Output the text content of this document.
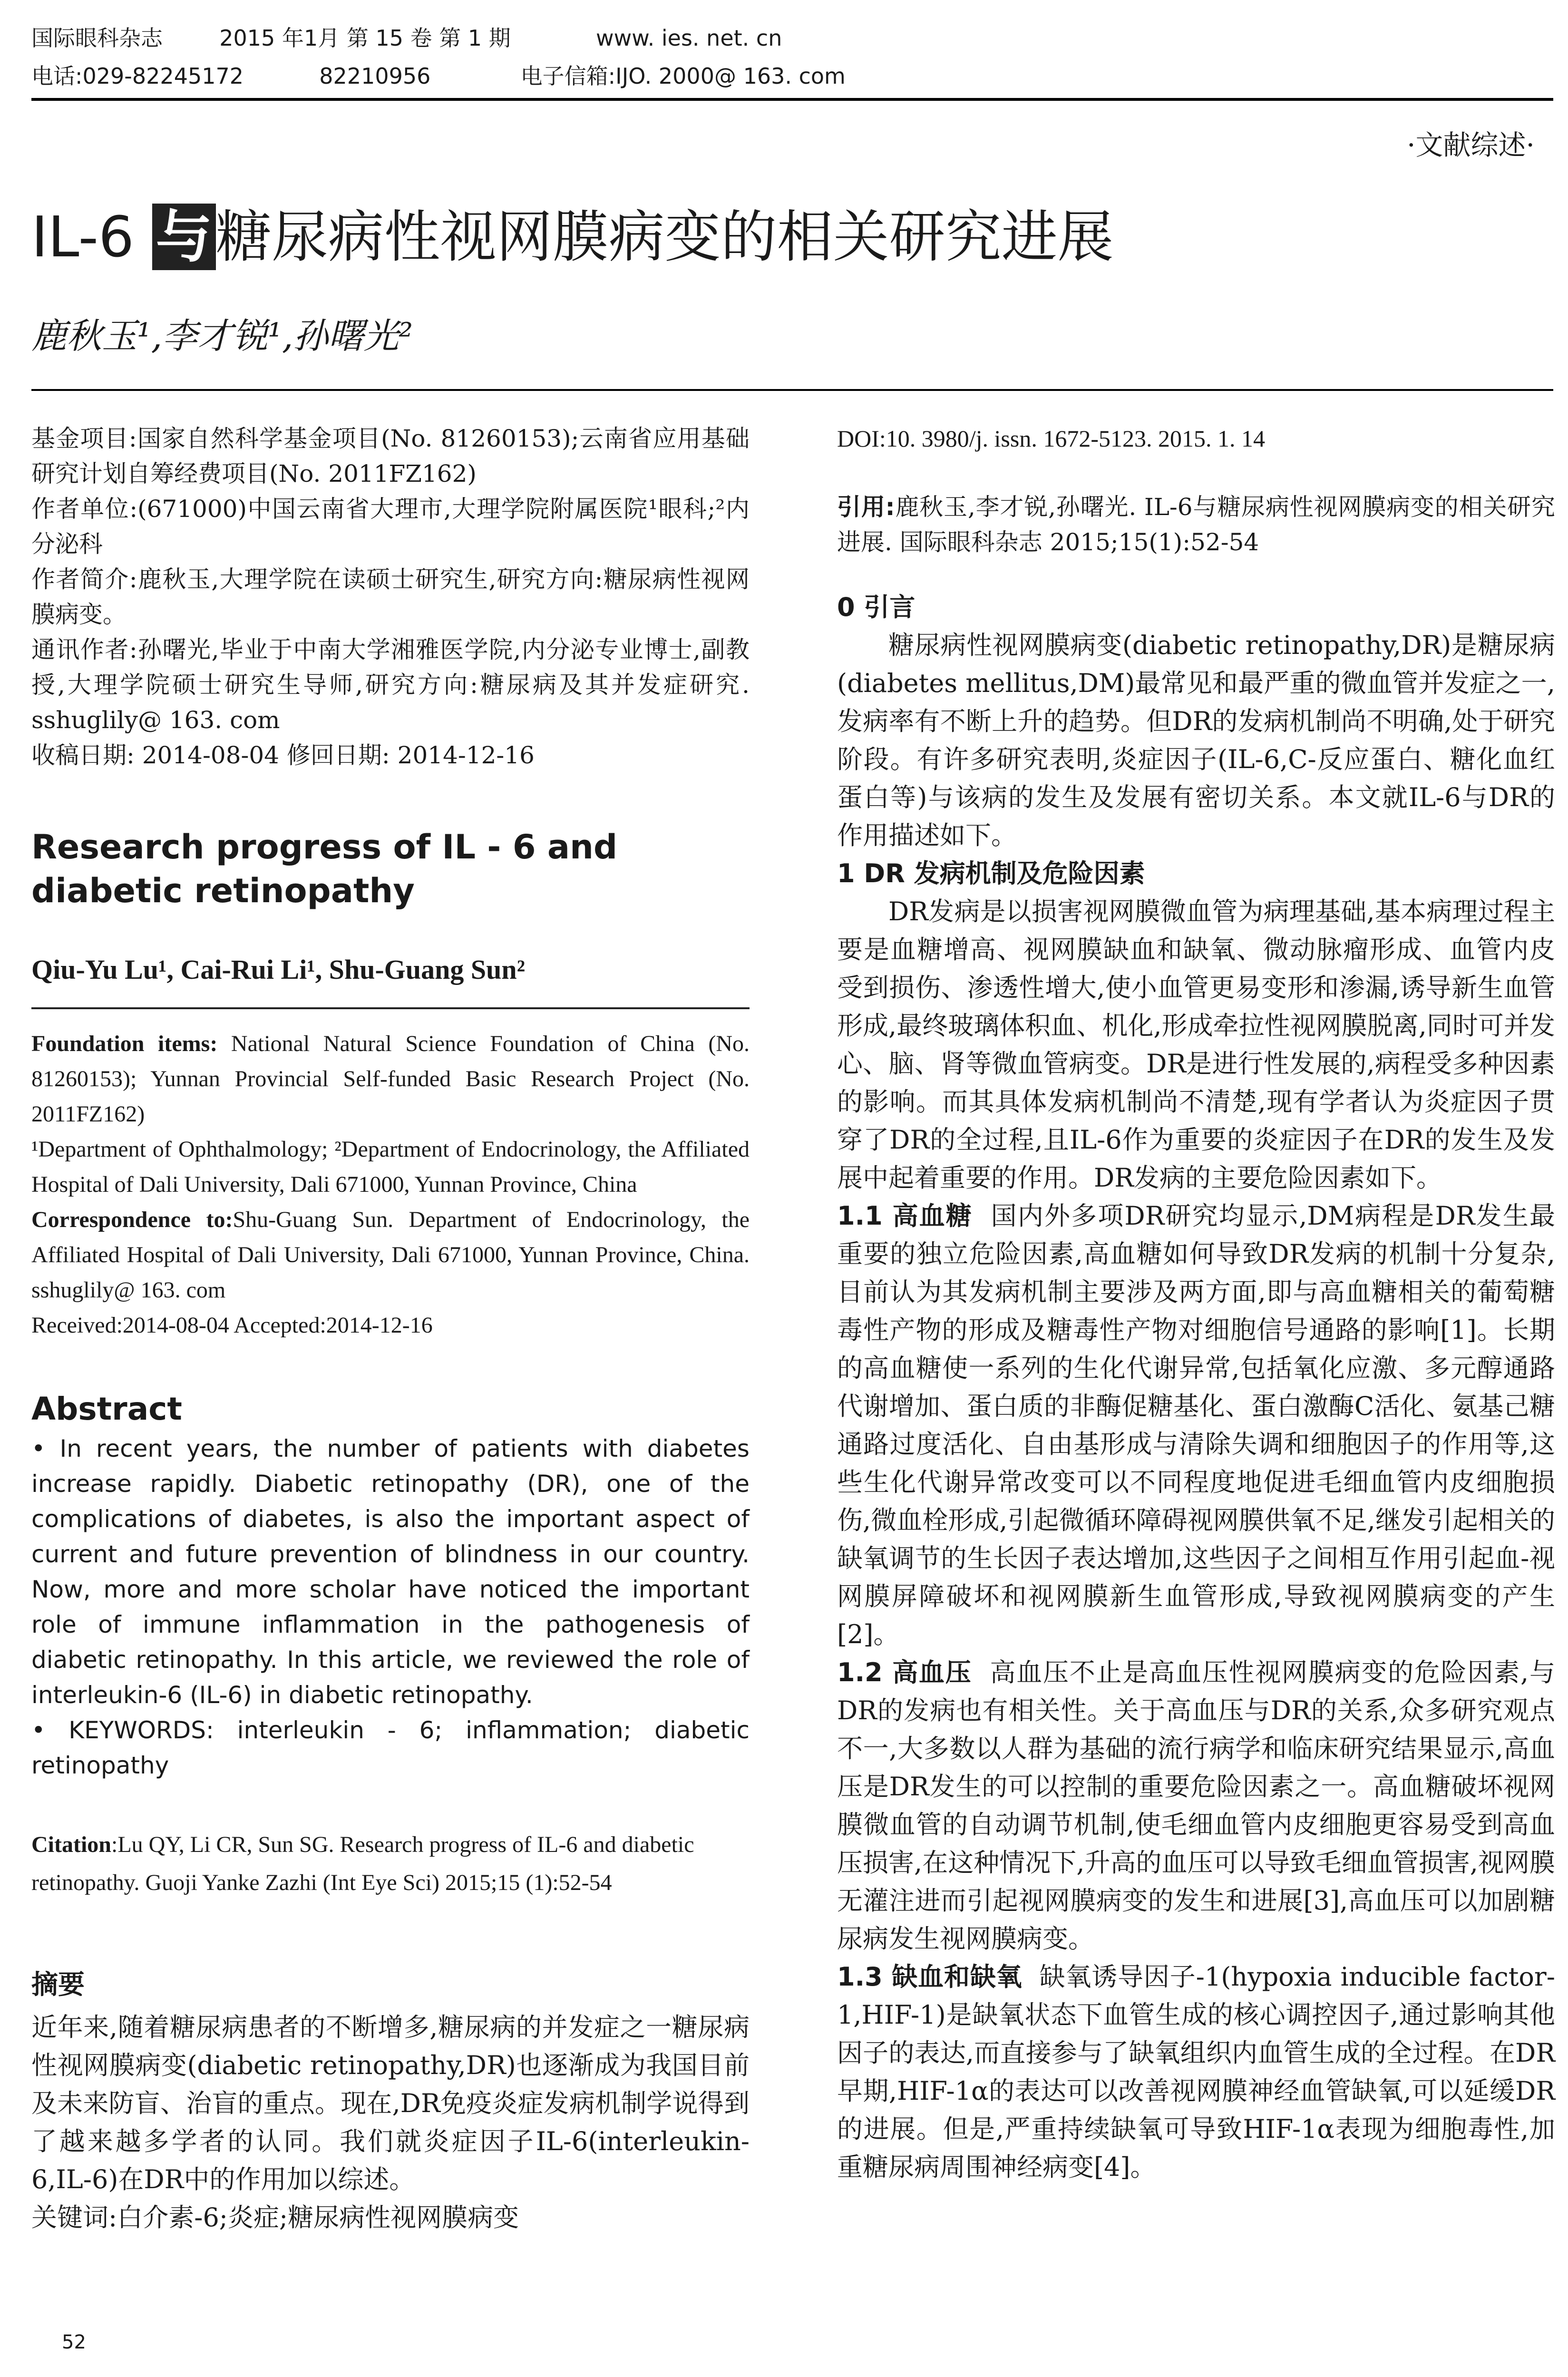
国际眼科杂志	2015 年1月 第 15 卷 第 1 期	www. ies. net. cn
电话:029-82245172	82210956	电子信箱:IJO. 2000@ 163. com
·文献综述·
IL-6 与糖尿病性视网膜病变的相关研究进展
鹿秋玉¹,李才锐¹,孙曙光²

基金项目:国家自然科学基金项目(No. 81260153);云南省应用基础研究计划自筹经费项目(No. 2011FZ162)

作者单位:(671000)中国云南省大理市,大理学院附属医院¹眼科;²内分泌科

作者简介:鹿秋玉,大理学院在读硕士研究生,研究方向:糖尿病性视网膜病变。

通讯作者:孙曙光,毕业于中南大学湘雅医学院,内分泌专业博士,副教授,大理学院硕士研究生导师,研究方向:糖尿病及其并发症研究. sshuglily@ 163. com

收稿日期: 2014-08-04 修回日期: 2014-12-16

Research progress of IL - 6 and diabetic retinopathy
Qiu-Yu Lu¹, Cai-Rui Li¹, Shu-Guang Sun²

Foundation items: National Natural Science Foundation of China (No. 81260153); Yunnan Provincial Self-funded Basic Research Project (No. 2011FZ162)

¹Department of Ophthalmology; ²Department of Endocrinology, the Affiliated Hospital of Dali University, Dali 671000, Yunnan Province, China

Correspondence to:Shu-Guang Sun. Department of Endocrinology, the Affiliated Hospital of Dali University, Dali 671000, Yunnan Province, China. sshuglily@ 163. com

Received:2014-08-04 Accepted:2014-12-16

Abstract

• In recent years, the number of patients with diabetes increase rapidly. Diabetic retinopathy (DR), one of the complications of diabetes, is also the important aspect of current and future prevention of blindness in our country. Now, more and more scholar have noticed the important role of immune inflammation in the pathogenesis of diabetic retinopathy. In this article, we reviewed the role of interleukin-6 (IL-6) in diabetic retinopathy.

• KEYWORDS: interleukin - 6; inflammation; diabetic retinopathy

Citation:Lu QY, Li CR, Sun SG. Research progress of IL-6 and diabetic retinopathy. Guoji Yanke Zazhi (Int Eye Sci) 2015;15 (1):52-54

摘要

近年来,随着糖尿病患者的不断增多,糖尿病的并发症之一糖尿病性视网膜病变(diabetic retinopathy,DR)也逐渐成为我国目前及未来防盲、治盲的重点。现在,DR免疫炎症发病机制学说得到了越来越多学者的认同。我们就炎症因子IL-6(interleukin-6,IL-6)在DR中的作用加以综述。

关键词:白介素-6;炎症;糖尿病性视网膜病变

DOI:10. 3980/j. issn. 1672-5123. 2015. 1. 14

引用:鹿秋玉,李才锐,孙曙光. IL-6与糖尿病性视网膜病变的相关研究进展. 国际眼科杂志 2015;15(1):52-54

0 引言

糖尿病性视网膜病变(diabetic retinopathy,DR)是糖尿病(diabetes mellitus,DM)最常见和最严重的微血管并发症之一,发病率有不断上升的趋势。但DR的发病机制尚不明确,处于研究阶段。有许多研究表明,炎症因子(IL-6,C-反应蛋白、糖化血红蛋白等)与该病的发生及发展有密切关系。本文就IL-6与DR的作用描述如下。

1 DR 发病机制及危险因素

DR发病是以损害视网膜微血管为病理基础,基本病理过程主要是血糖增高、视网膜缺血和缺氧、微动脉瘤形成、血管内皮受到损伤、渗透性增大,使小血管更易变形和渗漏,诱导新生血管形成,最终玻璃体积血、机化,形成牵拉性视网膜脱离,同时可并发心、脑、肾等微血管病变。DR是进行性发展的,病程受多种因素的影响。而其具体发病机制尚不清楚,现有学者认为炎症因子贯穿了DR的全过程,且IL-6作为重要的炎症因子在DR的发生及发展中起着重要的作用。DR发病的主要危险因素如下。

1.1 高血糖 国内外多项DR研究均显示,DM病程是DR发生最重要的独立危险因素,高血糖如何导致DR发病的机制十分复杂,目前认为其发病机制主要涉及两方面,即与高血糖相关的葡萄糖毒性产物的形成及糖毒性产物对细胞信号通路的影响[1]。长期的高血糖使一系列的生化代谢异常,包括氧化应激、多元醇通路代谢增加、蛋白质的非酶促糖基化、蛋白激酶C活化、氨基己糖通路过度活化、自由基形成与清除失调和细胞因子的作用等,这些生化代谢异常改变可以不同程度地促进毛细血管内皮细胞损伤,微血栓形成,引起微循环障碍视网膜供氧不足,继发引起相关的缺氧调节的生长因子表达增加,这些因子之间相互作用引起血-视网膜屏障破坏和视网膜新生血管形成,导致视网膜病变的产生[2]。

1.2 高血压 高血压不止是高血压性视网膜病变的危险因素,与DR的发病也有相关性。关于高血压与DR的关系,众多研究观点不一,大多数以人群为基础的流行病学和临床研究结果显示,高血压是DR发生的可以控制的重要危险因素之一。高血糖破坏视网膜微血管的自动调节机制,使毛细血管内皮细胞更容易受到高血压损害,在这种情况下,升高的血压可以导致毛细血管损害,视网膜无灌注进而引起视网膜病变的发生和进展[3],高血压可以加剧糖尿病发生视网膜病变。

1.3 缺血和缺氧 缺氧诱导因子-1(hypoxia inducible factor-1,HIF-1)是缺氧状态下血管生成的核心调控因子,通过影响其他因子的表达,而直接参与了缺氧组织内血管生成的全过程。在DR早期,HIF-1α的表达可以改善视网膜神经血管缺氧,可以延缓DR的进展。但是,严重持续缺氧可导致HIF-1α表现为细胞毒性,加重糖尿病周围神经病变[4]。

52
